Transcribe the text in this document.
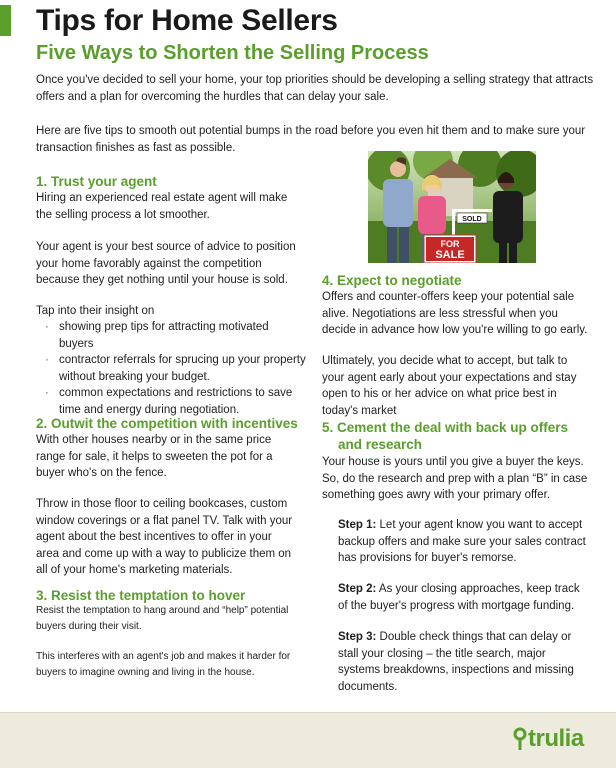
Tips for Home Sellers
Five Ways to Shorten the Selling Process

Once you've decided to sell your home, your top priorities should be developing a selling strategy that attracts offers and a plan for overcoming the hurdles that can delay your sale.

Here are five tips to smooth out potential bumps in the road before you even hit them and to make sure your transaction finishes as fast as possible.

1. Trust your agent

Hiring an experienced real estate agent will make the selling process a lot smoother.

Your agent is your best source of advice to position your home favorably against the competition because they get nothing until your house is sold.

Tap into their insight on

· showing prep tips for attracting motivated buyers
· contractor referrals for sprucing up your property without breaking your budget.
· common expectations and restrictions to save time and energy during negotiation.
2. Outwit the competition with incentives

With other houses nearby or in the same price range for sale, it helps to sweeten the pot for a buyer who's on the fence.

Throw in those floor to ceiling bookcases, custom window coverings or a flat panel TV. Talk with your agent about the best incentives to offer in your area and come up with a way to publicize them on all of your home's marketing materials.

3. Resist the temptation to hover

Resist the temptation to hang around and “help” potential buyers during their visit.

This interferes with an agent's job and makes it harder for buyers to imagine owning and living in the house.

SOLD
FOR
SALE
4. Expect to negotiate

Offers and counter-offers keep your potential sale alive. Negotiations are less stressful when you decide in advance how low you're willing to go early.

Ultimately, you decide what to accept, but talk to your agent early about your expectations and stay open to his or her advice on what price best in today's market

5. Cement the deal with back up offers
and research

Your house is yours until you give a buyer the keys. So, do the research and prep with a plan “B” in case something goes awry with your primary offer.

Step 1: Let your agent know you want to accept backup offers and make sure your sales contract has provisions for buyer's remorse.

Step 2: As your closing approaches, keep track of the buyer's progress with mortgage funding.

Step 3: Double check things that can delay or stall your closing – the title search, major systems breakdowns, inspections and missing documents.

trulia
